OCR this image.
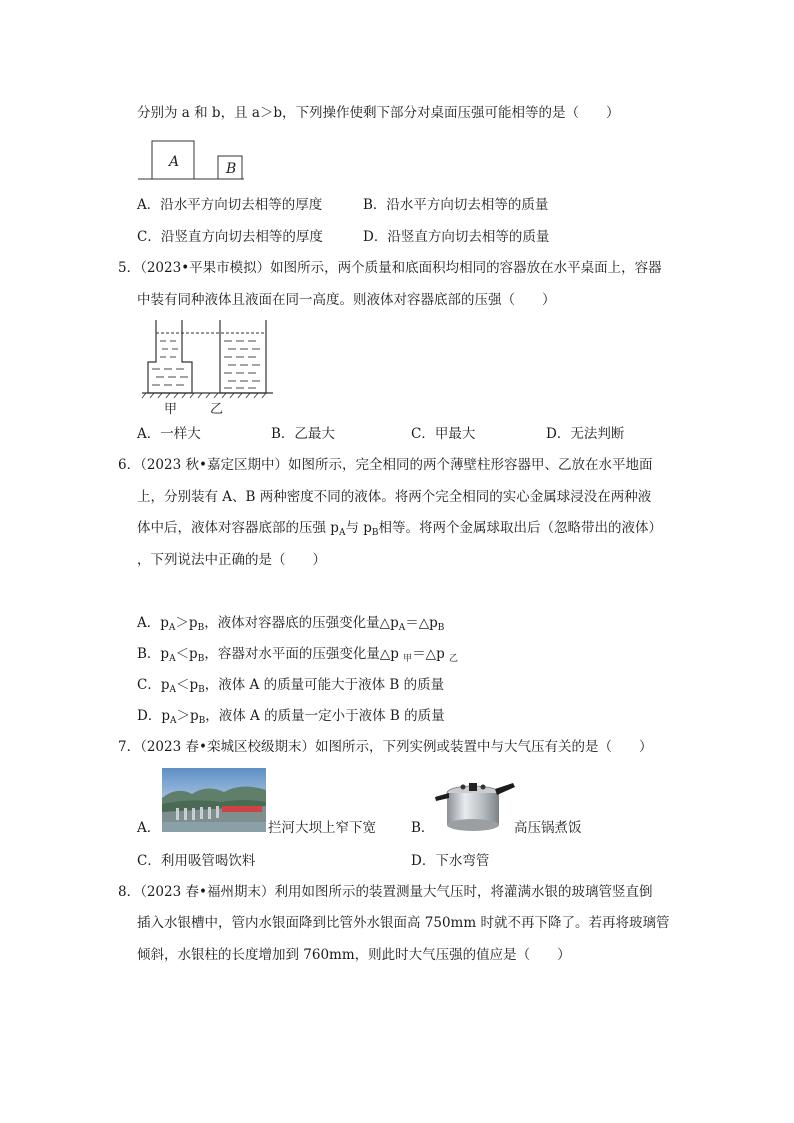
分别为 a 和 b，且 a＞b，下列操作使剩下部分对桌面压强可能相等的是（　　）
A	B
A．沿水平方向切去相等的厚度	B．沿水平方向切去相等的质量
C．沿竖直方向切去相等的厚度	D．沿竖直方向切去相等的质量
5．（2023•平果市模拟）如图所示，两个质量和底面积均相同的容器放在水平桌面上，容器
中装有同种液体且液面在同一高度。则液体对容器底部的压强（　　）
甲	乙
A．一样大	B．乙最大	C．甲最大	D．无法判断
6．（2023 秋•嘉定区期中）如图所示，完全相同的两个薄壁柱形容器甲、乙放在水平地面
上，分别装有 A、B 两种密度不同的液体。将两个完全相同的实心金属球浸没在两种液
体中后，液体对容器底部的压强 $p_A$与 $p_B$相等。将两个金属球取出后（忽略带出的液体）
，下列说法中正确的是（　　）
A．$p_A>p_B$，液体对容器底的压强变化量$\triangle p_A=\triangle p_B$
B．$p_A<p_B$，容器对水平面的压强变化量△p $_甲$＝△p $_乙$
C．$p_A<p_B$，液体 A 的质量可能大于液体 B 的质量
D．$p_A>p_B$，液体 A 的质量一定小于液体 B 的质量
7．（2023 春•栾城区校级期末）如图所示，下列实例或装置中与大气压有关的是（　　）
A．	拦河大坝上窄下宽	B．	高压锅煮饭
C．利用吸管喝饮料	D．下水弯管
8．（2023 春•福州期末）利用如图所示的装置测量大气压时，将灌满水银的玻璃管竖直倒
插入水银槽中，管内水银面降到比管外水银面高 750mm 时就不再下降了。若再将玻璃管
倾斜，水银柱的长度增加到 760mm，则此时大气压强的值应是（　　）
